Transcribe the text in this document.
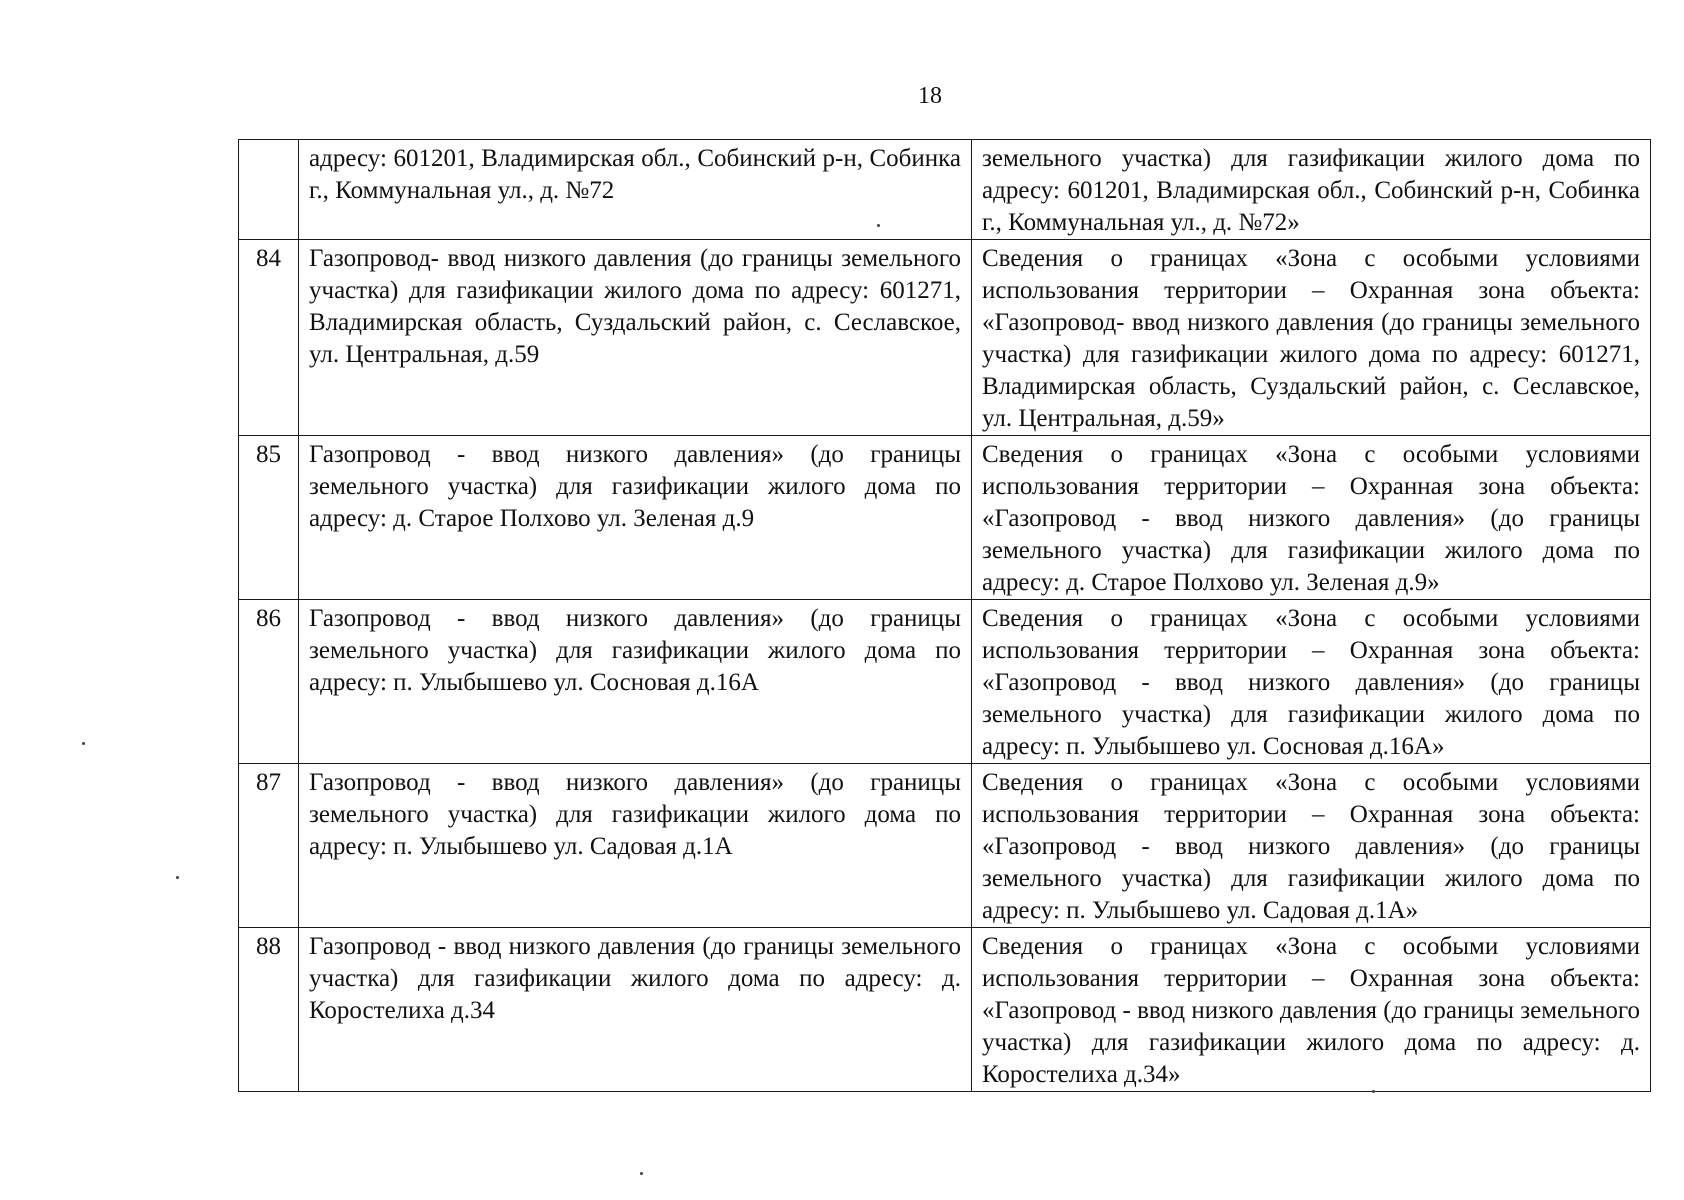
18
	адресу: 601201, Владимирская обл., Собинский р-н, Собинка г., Коммунальная ул., д. №72	земельного участка) для газификации жилого дома по адресу: 601201, Владимирская обл., Собинский р-н, Собинка г., Коммунальная ул., д. №72»
84	Газопровод- ввод низкого давления (до границы земельного участка) для газификации жилого дома по адресу: 601271, Владимирская область, Суздальский район, с. Сеславское, ул. Центральная, д.59	Сведения о границах «Зона с особыми условиями использования территории – Охранная зона объекта: «Газопровод- ввод низкого давления (до границы земельного участка) для газификации жилого дома по адресу: 601271, Владимирская область, Суздальский район, с. Сеславское, ул. Центральная, д.59»
85	Газопровод - ввод низкого давления» (до границы земельного участка) для газификации жилого дома по адресу: д. Старое Полхово ул. Зеленая д.9	Сведения о границах «Зона с особыми условиями использования территории – Охранная зона объекта: «Газопровод - ввод низкого давления» (до границы земельного участка) для газификации жилого дома по адресу: д. Старое Полхово ул. Зеленая д.9»
86	Газопровод - ввод низкого давления» (до границы земельного участка) для газификации жилого дома по адресу: п. Улыбышево ул. Сосновая д.16А	Сведения о границах «Зона с особыми условиями использования территории – Охранная зона объекта: «Газопровод - ввод низкого давления» (до границы земельного участка) для газификации жилого дома по адресу: п. Улыбышево ул. Сосновая д.16А»
87	Газопровод - ввод низкого давления» (до границы земельного участка) для газификации жилого дома по адресу: п. Улыбышево ул. Садовая д.1А	Сведения о границах «Зона с особыми условиями использования территории – Охранная зона объекта: «Газопровод - ввод низкого давления» (до границы земельного участка) для газификации жилого дома по адресу: п. Улыбышево ул. Садовая д.1А»
88	Газопровод - ввод низкого давления (до границы земельного участка) для газификации жилого дома по адресу: д. Коростелиха д.34	Сведения о границах «Зона с особыми условиями использования территории – Охранная зона объекта: «Газопровод - ввод низкого давления (до границы земельного участка) для газификации жилого дома по адресу: д. Коростелиха д.34»
